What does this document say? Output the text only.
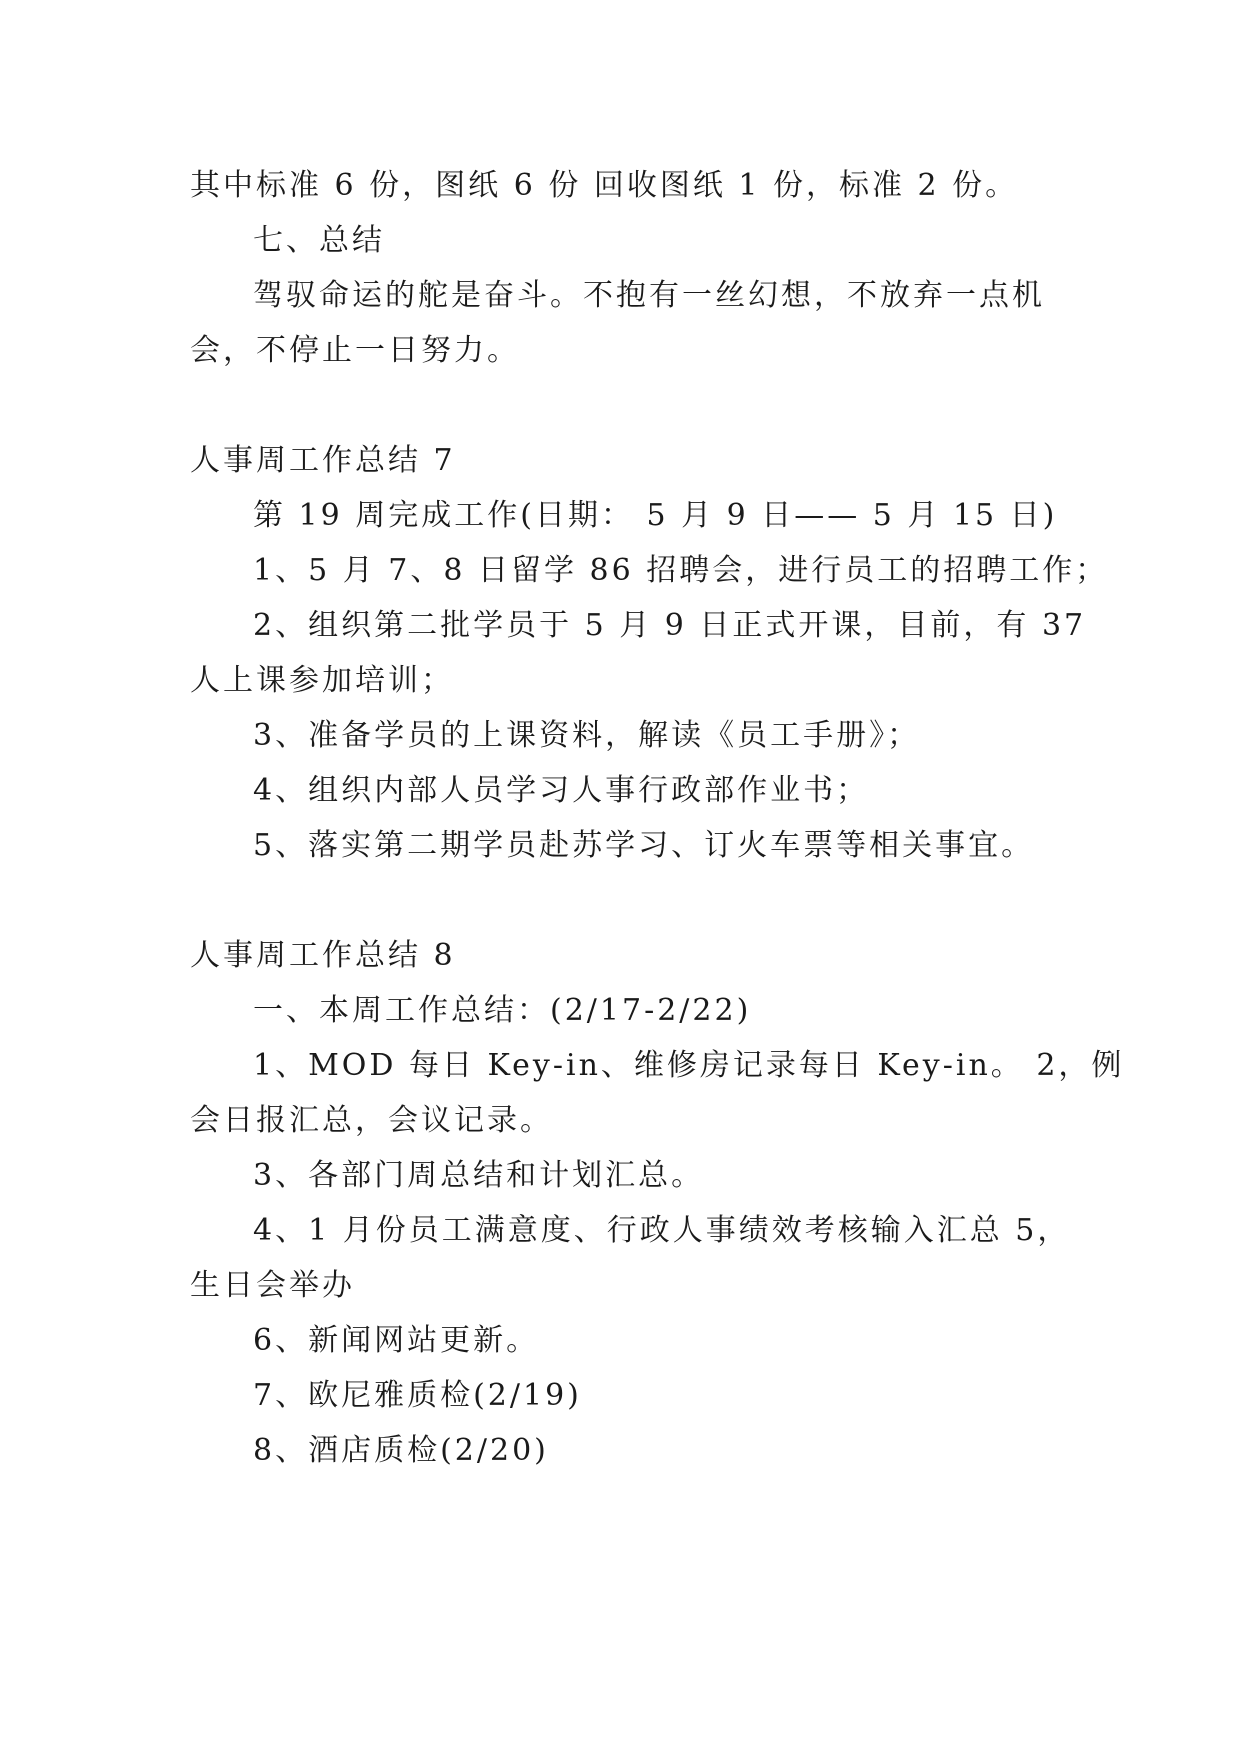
其中标准 6 份，图纸 6 份 回收图纸 1 份，标准 2 份。
七、总结
驾驭命运的舵是奋斗。不抱有一丝幻想，不放弃一点机
会，不停止一日努力。
人事周工作总结 7
第 19 周完成工作(日期： 5 月 9 日—— 5 月 15 日)
1、5 月 7、8 日留学 86 招聘会，进行员工的招聘工作；
2、组织第二批学员于 5 月 9 日正式开课，目前，有 37
人上课参加培训；
3、准备学员的上课资料，解读《员工手册》；
4、组织内部人员学习人事行政部作业书；
5、落实第二期学员赴苏学习、订火车票等相关事宜。
人事周工作总结 8
一、本周工作总结：(2/17-2/22)
1、MOD 每日 Key-in、维修房记录每日 Key-in。 2，例
会日报汇总，会议记录。
3、各部门周总结和计划汇总。
4、1 月份员工满意度、行政人事绩效考核输入汇总 5，
生日会举办
6、新闻网站更新。
7、欧尼雅质检(2/19)
8、酒店质检(2/20)
